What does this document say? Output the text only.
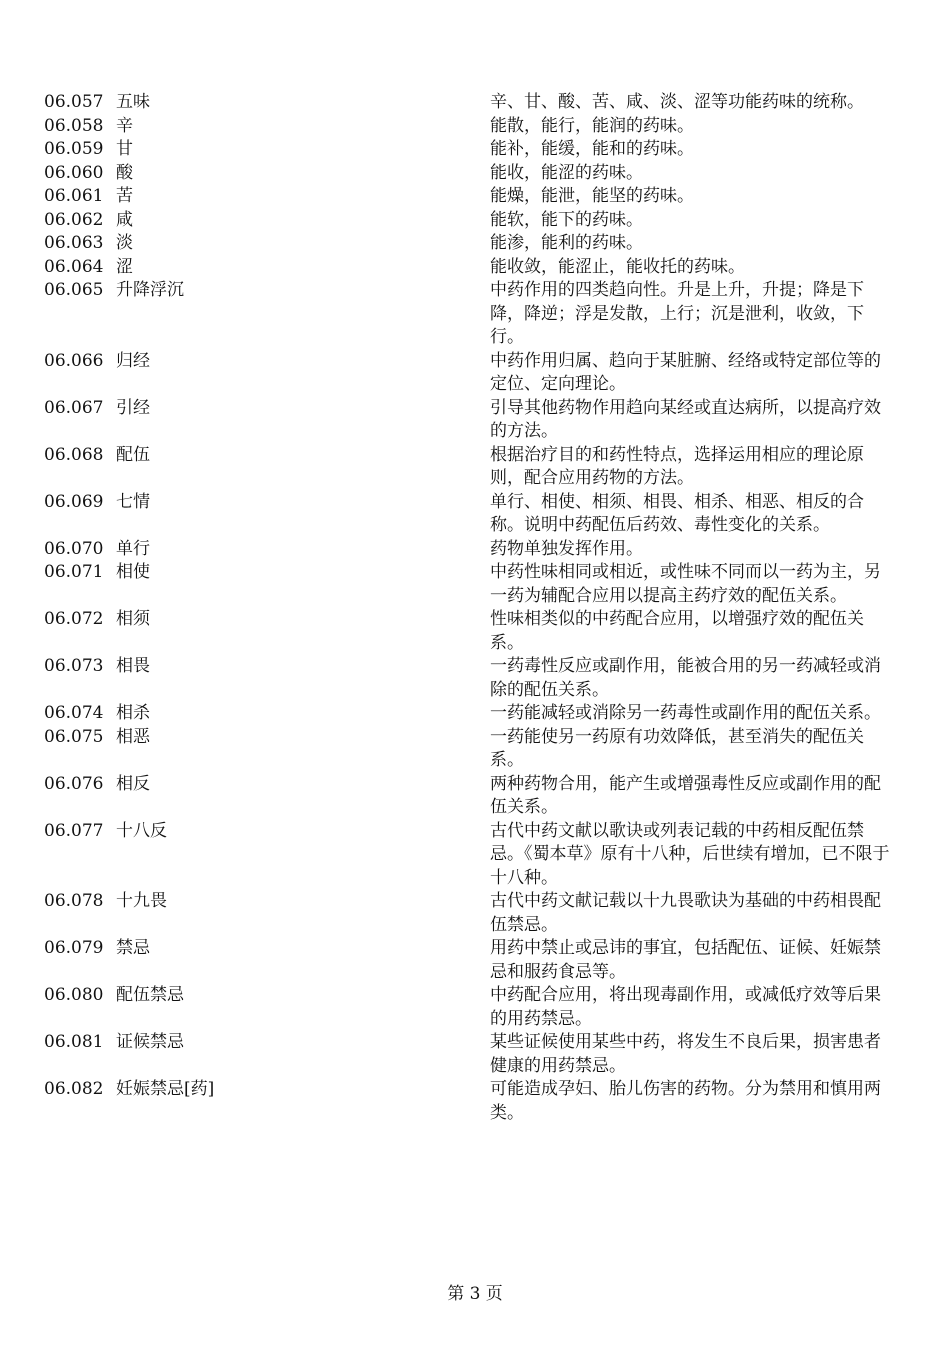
06.057 五味	辛、甘、酸、苦、咸、淡、涩等功能药味的统称。
06.058 辛	能散，能行，能润的药味。
06.059 甘	能补，能缓，能和的药味。
06.060 酸	能收，能涩的药味。
06.061 苦	能燥，能泄，能坚的药味。
06.062 咸	能软，能下的药味。
06.063 淡	能渗，能利的药味。
06.064 涩	能收敛，能涩止，能收托的药味。
06.065 升降浮沉	中药作用的四类趋向性。升是上升，升提；降是下降，降逆；浮是发散，上行；沉是泄利，收敛，下行。
06.066 归经	中药作用归属、趋向于某脏腑、经络或特定部位等的定位、定向理论。
06.067 引经	引导其他药物作用趋向某经或直达病所，以提高疗效的方法。
06.068 配伍	根据治疗目的和药性特点，选择运用相应的理论原则，配合应用药物的方法。
06.069 七情	单行、相使、相须、相畏、相杀、相恶、相反的合称。说明中药配伍后药效、毒性变化的关系。
06.070 单行	药物单独发挥作用。
06.071 相使	中药性味相同或相近，或性味不同而以一药为主，另一药为辅配合应用以提高主药疗效的配伍关系。
06.072 相须	性味相类似的中药配合应用，以增强疗效的配伍关系。
06.073 相畏	一药毒性反应或副作用，能被合用的另一药减轻或消除的配伍关系。
06.074 相杀	一药能减轻或消除另一药毒性或副作用的配伍关系。
06.075 相恶	一药能使另一药原有功效降低，甚至消失的配伍关系。
06.076 相反	两种药物合用，能产生或增强毒性反应或副作用的配伍关系。
06.077 十八反	古代中药文献以歌诀或列表记载的中药相反配伍禁忌。《蜀本草》原有十八种，后世续有增加，已不限于十八种。
06.078 十九畏	古代中药文献记载以十九畏歌诀为基础的中药相畏配伍禁忌。
06.079 禁忌	用药中禁止或忌讳的事宜，包括配伍、证候、妊娠禁忌和服药食忌等。
06.080 配伍禁忌	中药配合应用，将出现毒副作用，或减低疗效等后果的用药禁忌。
06.081 证候禁忌	某些证候使用某些中药，将发生不良后果，损害患者健康的用药禁忌。
06.082 妊娠禁忌[药]	可能造成孕妇、胎儿伤害的药物。分为禁用和慎用两类。
第 3 页
